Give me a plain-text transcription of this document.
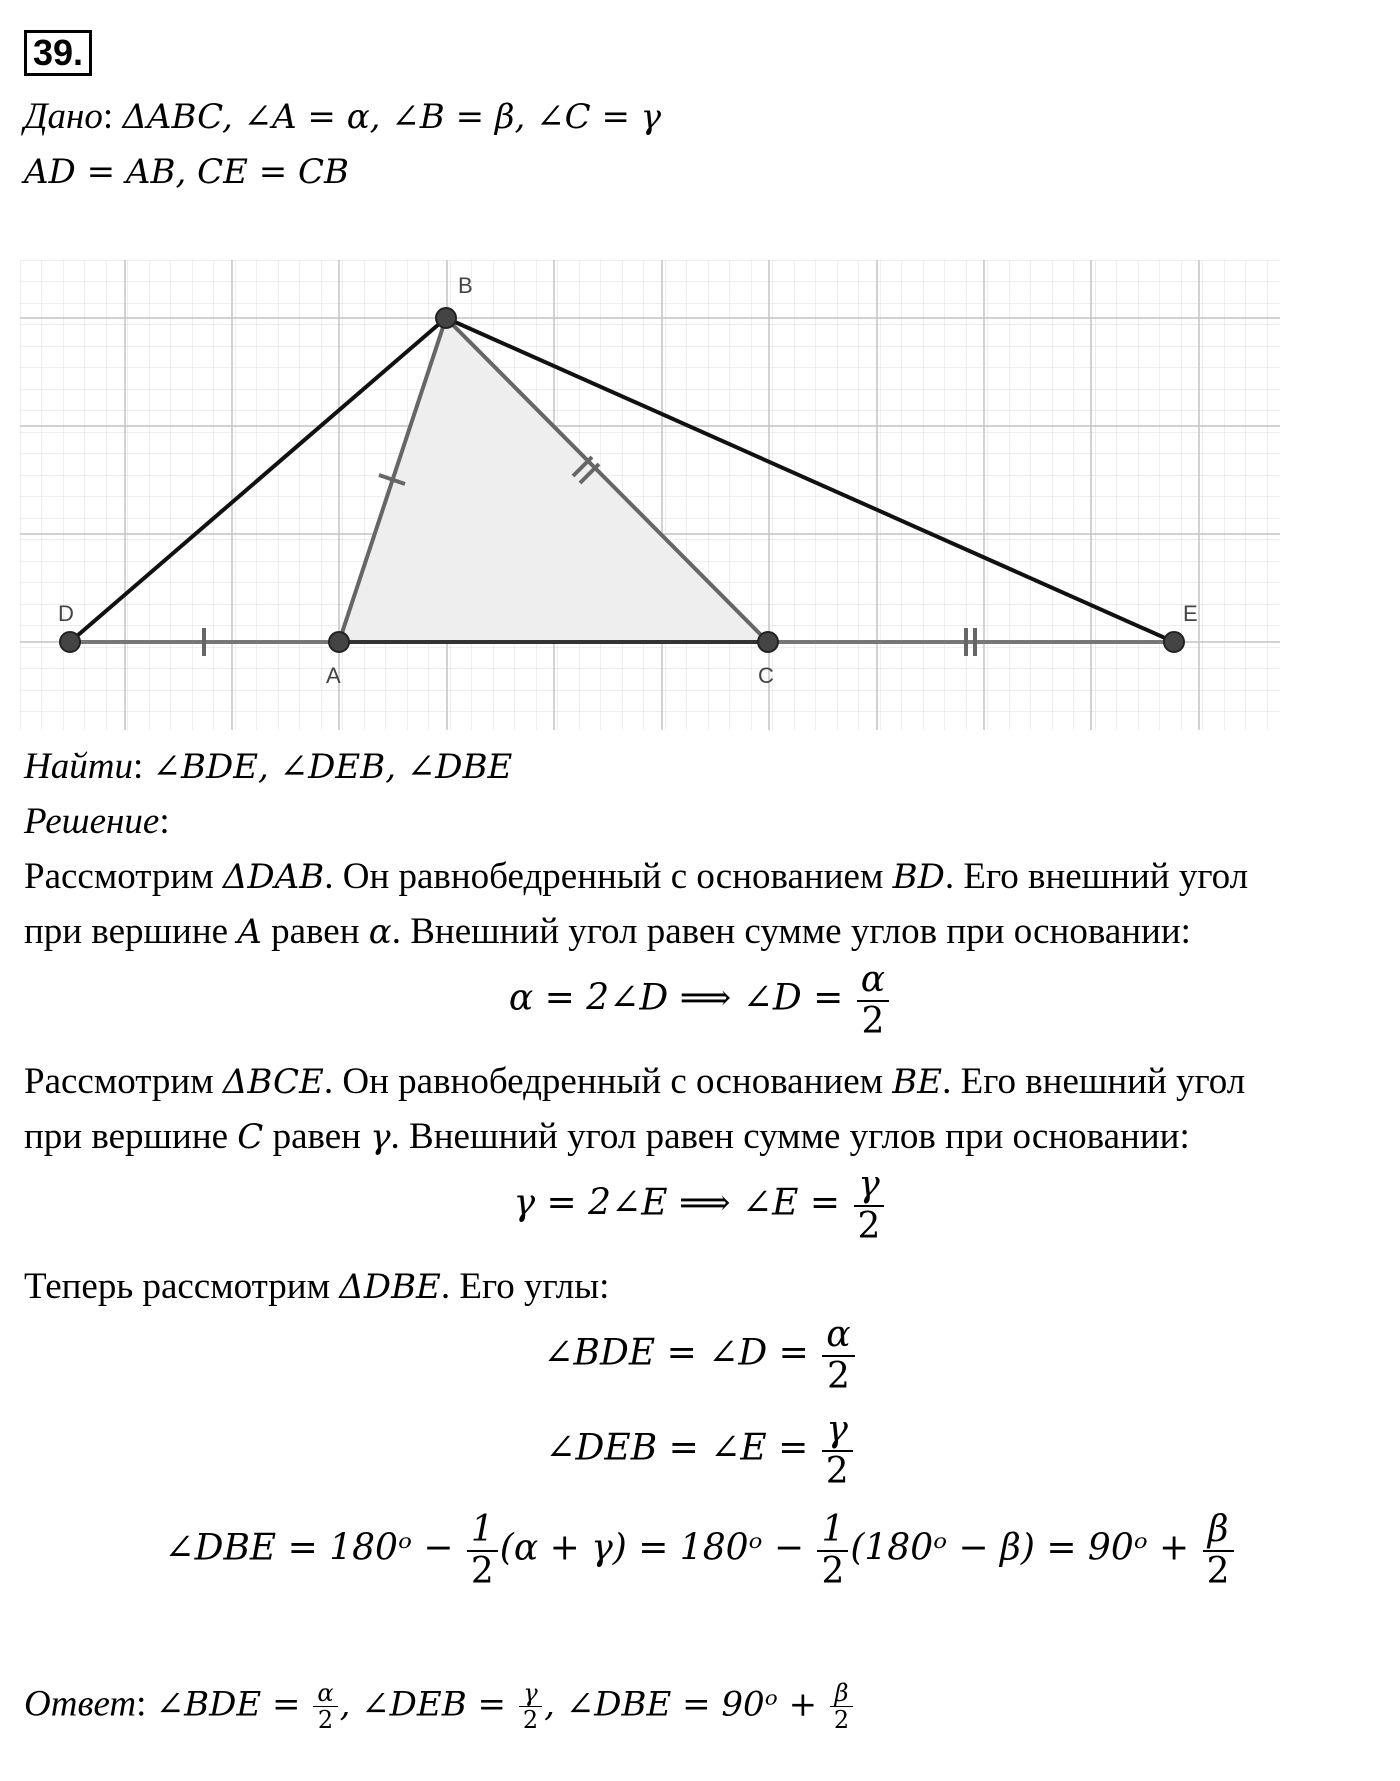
39.
Дано: ΔABC, ∠A = α, ∠B = β, ∠C = γ
AD = AB, CE = CB
B
D	E
A	C
Найти: ∠BDE, ∠DEB, ∠DBE
Решение:
Рассмотрим ΔDAB. Он равнобедренный с основанием BD. Его внешний угол
при вершине A равен α. Внешний угол равен сумме углов при основании:
α = 2∠D ⟹ ∠D = $\frac{\alpha}{2}$
Рассмотрим ΔBCE. Он равнобедренный с основанием BE. Его внешний угол
при вершине C равен γ. Внешний угол равен сумме углов при основании:
γ = 2∠E ⟹ ∠E = $\frac{\gamma}{2}$
Теперь рассмотрим ΔDBE. Его углы:
∠BDE = ∠D = $\frac{\alpha}{2}$
∠DEB = ∠E = $\frac{\gamma}{2}$
∠DBE = 180ᵒ − $\frac{1}{2} (\alpha + \gamma)$ = 180ᵒ − $\frac{1}{2}$ (180ᵒ − β) = 90ᵒ + $\frac{\beta}{2}$
Ответ: ∠BDE = $\frac{\alpha}{2}$ , ∠DEB = $\frac{\gamma}{2}$ , ∠DBE = 90ᵒ + $\frac{\beta}{2}$
